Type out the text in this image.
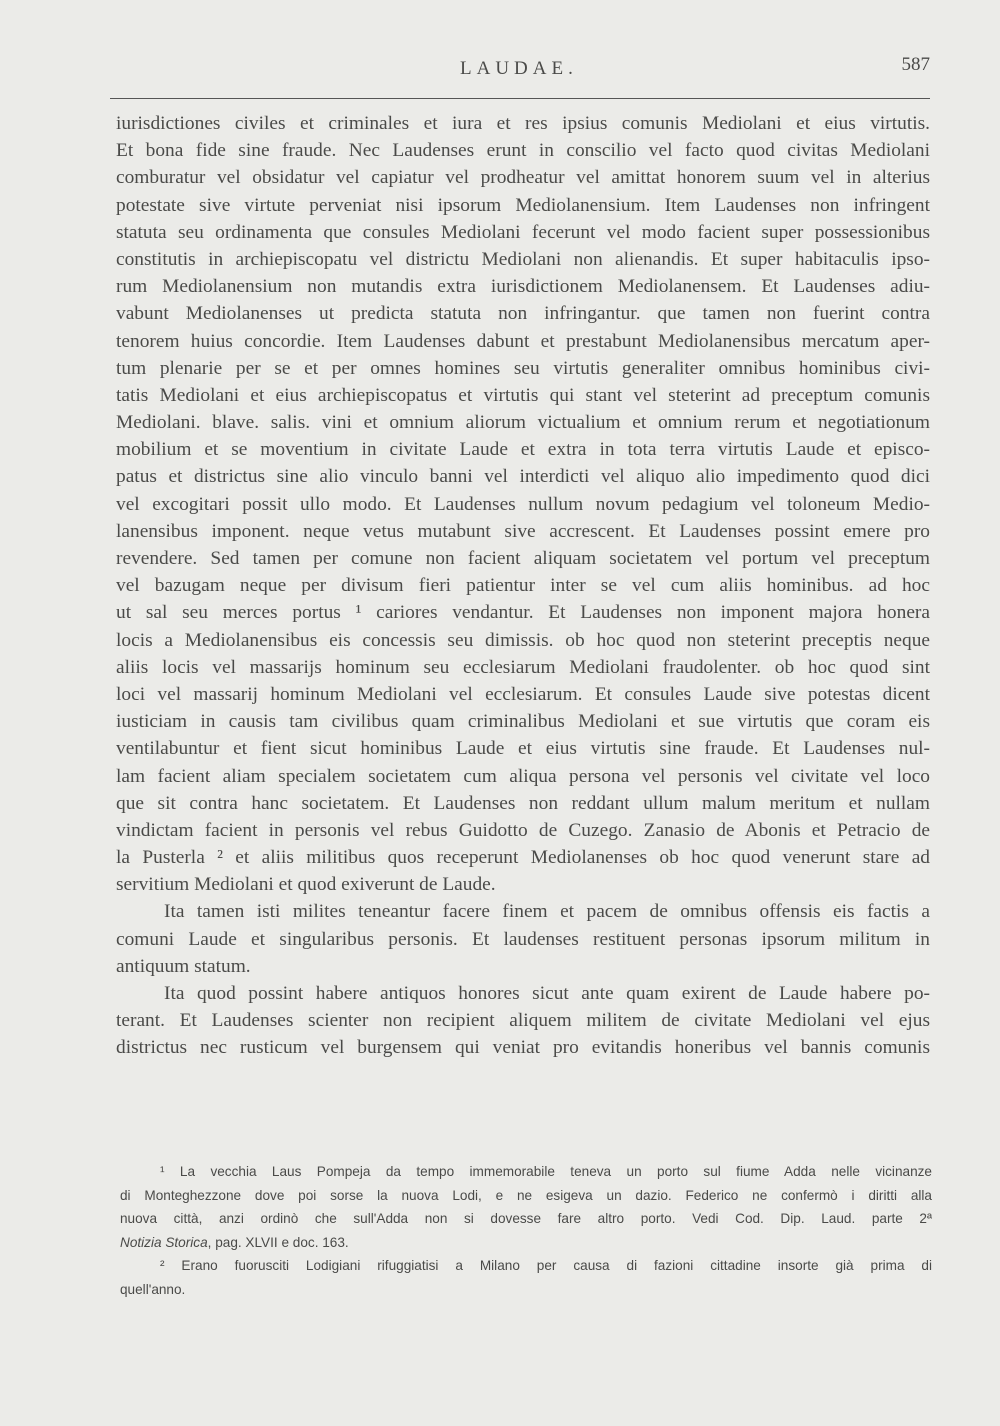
LAUDAE.	587
iurisdictiones civiles et criminales et iura et res ipsius comunis Mediolani et eius virtutis.
Et bona fide sine fraude. Nec Laudenses erunt in conscilio vel facto quod civitas Mediolani
comburatur vel obsidatur vel capiatur vel prodheatur vel amittat honorem suum vel in alterius
potestate sive virtute perveniat nisi ipsorum Mediolanensium. Item Laudenses non infringent
statuta seu ordinamenta que consules Mediolani fecerunt vel modo facient super possessionibus
constitutis in archiepiscopatu vel districtu Mediolani non alienandis. Et super habitaculis ipso-
rum Mediolanensium non mutandis extra iurisdictionem Mediolanensem. Et Laudenses adiu-
vabunt Mediolanenses ut predicta statuta non infringantur. que tamen non fuerint contra
tenorem huius concordie. Item Laudenses dabunt et prestabunt Mediolanensibus mercatum aper-
tum plenarie per se et per omnes homines seu virtutis generaliter omnibus hominibus civi-
tatis Mediolani et eius archiepiscopatus et virtutis qui stant vel steterint ad preceptum comunis
Mediolani. blave. salis. vini et omnium aliorum victualium et omnium rerum et negotiationum
mobilium et se moventium in civitate Laude et extra in tota terra virtutis Laude et episco-
patus et districtus sine alio vinculo banni vel interdicti vel aliquo alio impedimento quod dici
vel excogitari possit ullo modo. Et Laudenses nullum novum pedagium vel toloneum Medio-
lanensibus imponent. neque vetus mutabunt sive accrescent. Et Laudenses possint emere pro
revendere. Sed tamen per comune non facient aliquam societatem vel portum vel preceptum
vel bazugam neque per divisum fieri patientur inter se vel cum aliis hominibus. ad hoc
ut sal seu merces portus ¹ cariores vendantur. Et Laudenses non imponent majora honera
locis a Mediolanensibus eis concessis seu dimissis. ob hoc quod non steterint preceptis neque
aliis locis vel massarijs hominum seu ecclesiarum Mediolani fraudolenter. ob hoc quod sint
loci vel massarij hominum Mediolani vel ecclesiarum. Et consules Laude sive potestas dicent
iusticiam in causis tam civilibus quam criminalibus Mediolani et sue virtutis que coram eis
ventilabuntur et fient sicut hominibus Laude et eius virtutis sine fraude. Et Laudenses nul-
lam facient aliam specialem societatem cum aliqua persona vel personis vel civitate vel loco
que sit contra hanc societatem. Et Laudenses non reddant ullum malum meritum et nullam
vindictam facient in personis vel rebus Guidotto de Cuzego. Zanasio de Abonis et Petracio de
la Pusterla ² et aliis militibus quos receperunt Mediolanenses ob hoc quod venerunt stare ad
servitium Mediolani et quod exiverunt de Laude.
Ita tamen isti milites teneantur facere finem et pacem de omnibus offensis eis factis a
comuni Laude et singularibus personis. Et laudenses restituent personas ipsorum militum in
antiquum statum.
Ita quod possint habere antiquos honores sicut ante quam exirent de Laude habere po-
terant. Et Laudenses scienter non recipient aliquem militem de civitate Mediolani vel ejus
districtus nec rusticum vel burgensem qui veniat pro evitandis honeribus vel bannis comunis
¹ La vecchia Laus Pompeja da tempo immemorabile teneva un porto sul fiume Adda nelle vicinanze
di Monteghezzone dove poi sorse la nuova Lodi, e ne esigeva un dazio. Federico ne confermò i diritti alla
nuova città, anzi ordinò che sull'Adda non si dovesse fare altro porto. Vedi Cod. Dip. Laud. parte 2ª
Notizia Storica, pag. XLVII e doc. 163.
² Erano fuorusciti Lodigiani rifuggiatisi a Milano per causa di fazioni cittadine insorte già prima di
quell'anno.
